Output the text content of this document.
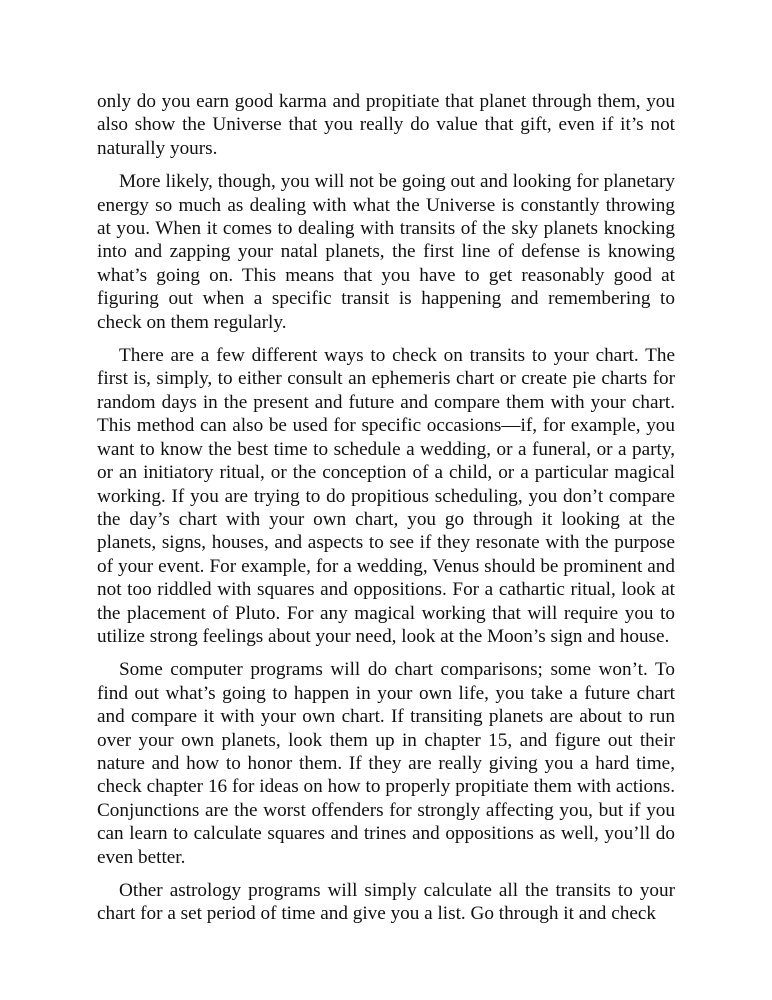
only do you earn good karma and propitiate that planet through them, you also show the Universe that you really do value that gift, even if it’s not naturally yours.

More likely, though, you will not be going out and looking for planetary energy so much as dealing with what the Universe is constantly throwing at you. When it comes to dealing with transits of the sky planets knocking into and zapping your natal planets, the first line of defense is knowing what’s going on. This means that you have to get reasonably good at figuring out when a specific transit is happening and remembering to check on them regularly.

There are a few different ways to check on transits to your chart. The first is, simply, to either consult an ephemeris chart or create pie charts for random days in the present and future and compare them with your chart. This method can also be used for specific occasions—if, for example, you want to know the best time to schedule a wedding, or a funeral, or a party, or an initiatory ritual, or the conception of a child, or a particular magical working. If you are trying to do propitious scheduling, you don’t compare the day’s chart with your own chart, you go through it looking at the planets, signs, houses, and aspects to see if they resonate with the purpose of your event. For example, for a wedding, Venus should be prominent and not too riddled with squares and oppositions. For a cathartic ritual, look at the placement of Pluto. For any magical working that will require you to utilize strong feelings about your need, look at the Moon’s sign and house.

Some computer programs will do chart comparisons; some won’t. To find out what’s going to happen in your own life, you take a future chart and compare it with your own chart. If transiting planets are about to run over your own planets, look them up in chapter 15, and figure out their nature and how to honor them. If they are really giving you a hard time, check chapter 16 for ideas on how to properly propitiate them with actions. Conjunctions are the worst offenders for strongly affecting you, but if you can learn to calculate squares and trines and oppositions as well, you’ll do even better.

Other astrology programs will simply calculate all the transits to your chart for a set period of time and give you a list. Go through it and check
